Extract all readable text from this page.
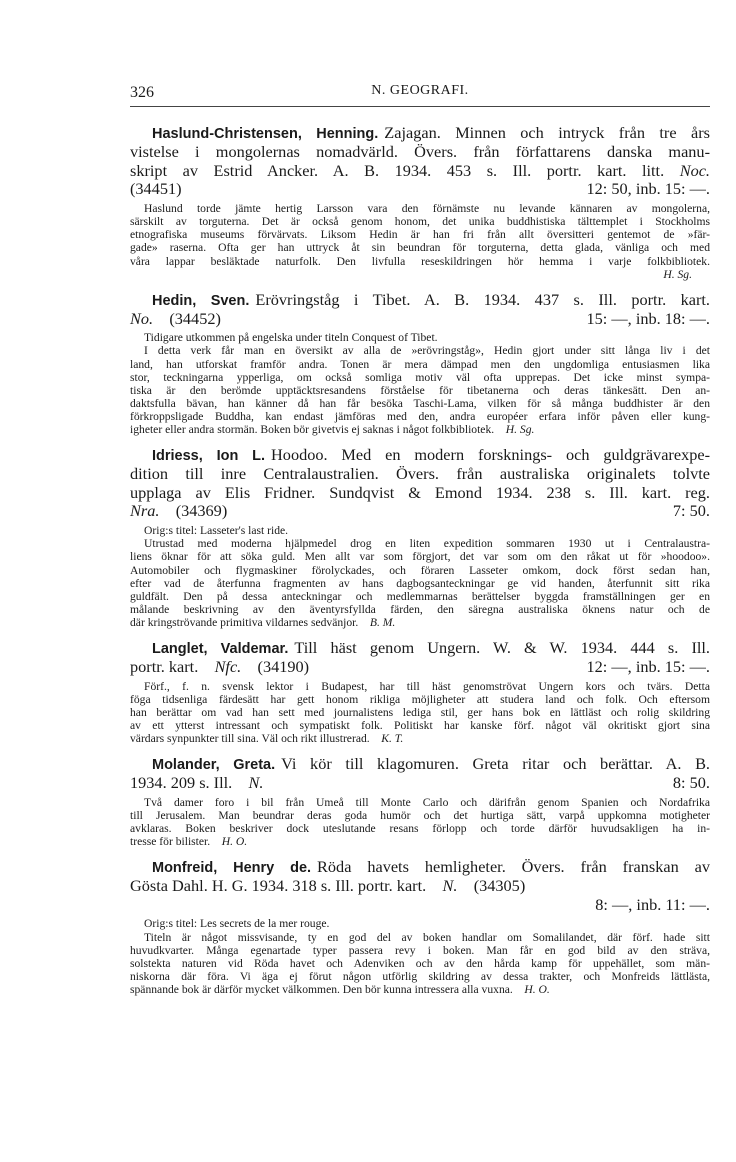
326	N. GEOGRAFI.
Haslund-Christensen, Henning. Zajagan. Minnen och intryck från tre års
vistelse i mongolernas nomadvärld. Övers. från författarens danska manu-
skript av Estrid Ancker. A. B. 1934. 453 s. Ill. portr. kart. litt. Noc.
(34451)	12: 50, inb. 15: —.
Haslund torde jämte hertig Larsson vara den förnämste nu levande kännaren av mongolerna,
särskilt av torguterna. Det är också genom honom, det unika buddhistiska tälttemplet i Stockholms
etnografiska museums förvärvats. Liksom Hedin är han fri från allt översitteri gentemot de »fär-
gade» raserna. Ofta ger han uttryck åt sin beundran för torguterna, detta glada, vänliga och med
våra lappar besläktade naturfolk. Den livfulla reseskildringen hör hemma i varje folkbibliotek.
H. Sg.
Hedin, Sven. Erövringståg i Tibet. A. B. 1934. 437 s. Ill. portr. kart.
No.  (34452)	15: —, inb. 18: —.
Tidigare utkommen på engelska under titeln Conquest of Tibet.
I detta verk får man en översikt av alla de »erövringståg», Hedin gjort under sitt långa liv i det
land, han utforskat framför andra. Tonen är mera dämpad men den ungdomliga entusiasmen lika
stor, teckningarna ypperliga, om också somliga motiv väl ofta upprepas. Det icke minst sympa-
tiska är den berömde upptäcktsresandens förståelse för tibetanerna och deras tänkesätt. Den an-
daktsfulla bävan, han känner då han får besöka Taschi-Lama, vilken för så många buddhister är den
förkroppsligade Buddha, kan endast jämföras med den, andra européer erfara inför påven eller kung-
igheter eller andra stormän. Boken bör givetvis ej saknas i något folkbibliotek.  H. Sg.
Idriess, Ion L. Hoodoo. Med en modern forsknings- och guldgrävarexpe-
dition till inre Centralaustralien. Övers. från australiska originalets tolvte
upplaga av Elis Fridner. Sundqvist & Emond 1934. 238 s. Ill. kart. reg.
Nra.  (34369)	7: 50.
Orig:s titel: Lasseter's last ride.
Utrustad med moderna hjälpmedel drog en liten expedition sommaren 1930 ut i Centralaustra-
liens öknar för att söka guld. Men allt var som förgjort, det var som om den råkat ut för »hoodoo».
Automobiler och flygmaskiner förolyckades, och föraren Lasseter omkom, dock först sedan han,
efter vad de återfunna fragmenten av hans dagbogsanteckningar ge vid handen, återfunnit sitt rika
guldfält. Den på dessa anteckningar och medlemmarnas berättelser byggda framställningen ger en
målande beskrivning av den äventyrsfyllda färden, den säregna australiska öknens natur och de
där kringströvande primitiva vildarnes sedvänjor.  B. M.
Langlet, Valdemar. Till häst genom Ungern. W. & W. 1934. 444 s. Ill.
portr. kart.  Nfc.  (34190)	12: —, inb. 15: —.
Förf., f. n. svensk lektor i Budapest, har till häst genomströvat Ungern kors och tvärs. Detta
föga tidsenliga färdesätt har gett honom rikliga möjligheter att studera land och folk. Och eftersom
han berättar om vad han sett med journalistens lediga stil, ger hans bok en lättläst och rolig skildring
av ett ytterst intressant och sympatiskt folk. Politiskt har kanske förf. något väl okritiskt gjort sina
värdars synpunkter till sina. Väl och rikt illustrerad.  K. T.
Molander, Greta. Vi kör till klagomuren. Greta ritar och berättar. A. B.
1934. 209 s. Ill.  N. 	8: 50.
Två damer foro i bil från Umeå till Monte Carlo och därifrån genom Spanien och Nordafrika
till Jerusalem. Man beundrar deras goda humör och det hurtiga sätt, varpå uppkomna motigheter
avklaras. Boken beskriver dock uteslutande resans förlopp och torde därför huvudsakligen ha in-
tresse för bilister.  H. O.
Monfreid, Henry de. Röda havets hemligheter. Övers. från franskan av
Gösta Dahl. H. G. 1934. 318 s. Ill. portr. kart.  N.  (34305)
8: —, inb. 11: —.
Orig:s titel: Les secrets de la mer rouge.
Titeln är något missvisande, ty en god del av boken handlar om Somalilandet, där förf. hade sitt
huvudkvarter. Många egenartade typer passera revy i boken. Man får en god bild av den sträva,
solstekta naturen vid Röda havet och Adenviken och av den hårda kamp för uppehället, som män-
niskorna där föra. Vi äga ej förut någon utförlig skildring av dessa trakter, och Monfreids lättlästa,
spännande bok är därför mycket välkommen. Den bör kunna intressera alla vuxna.  H. O.
